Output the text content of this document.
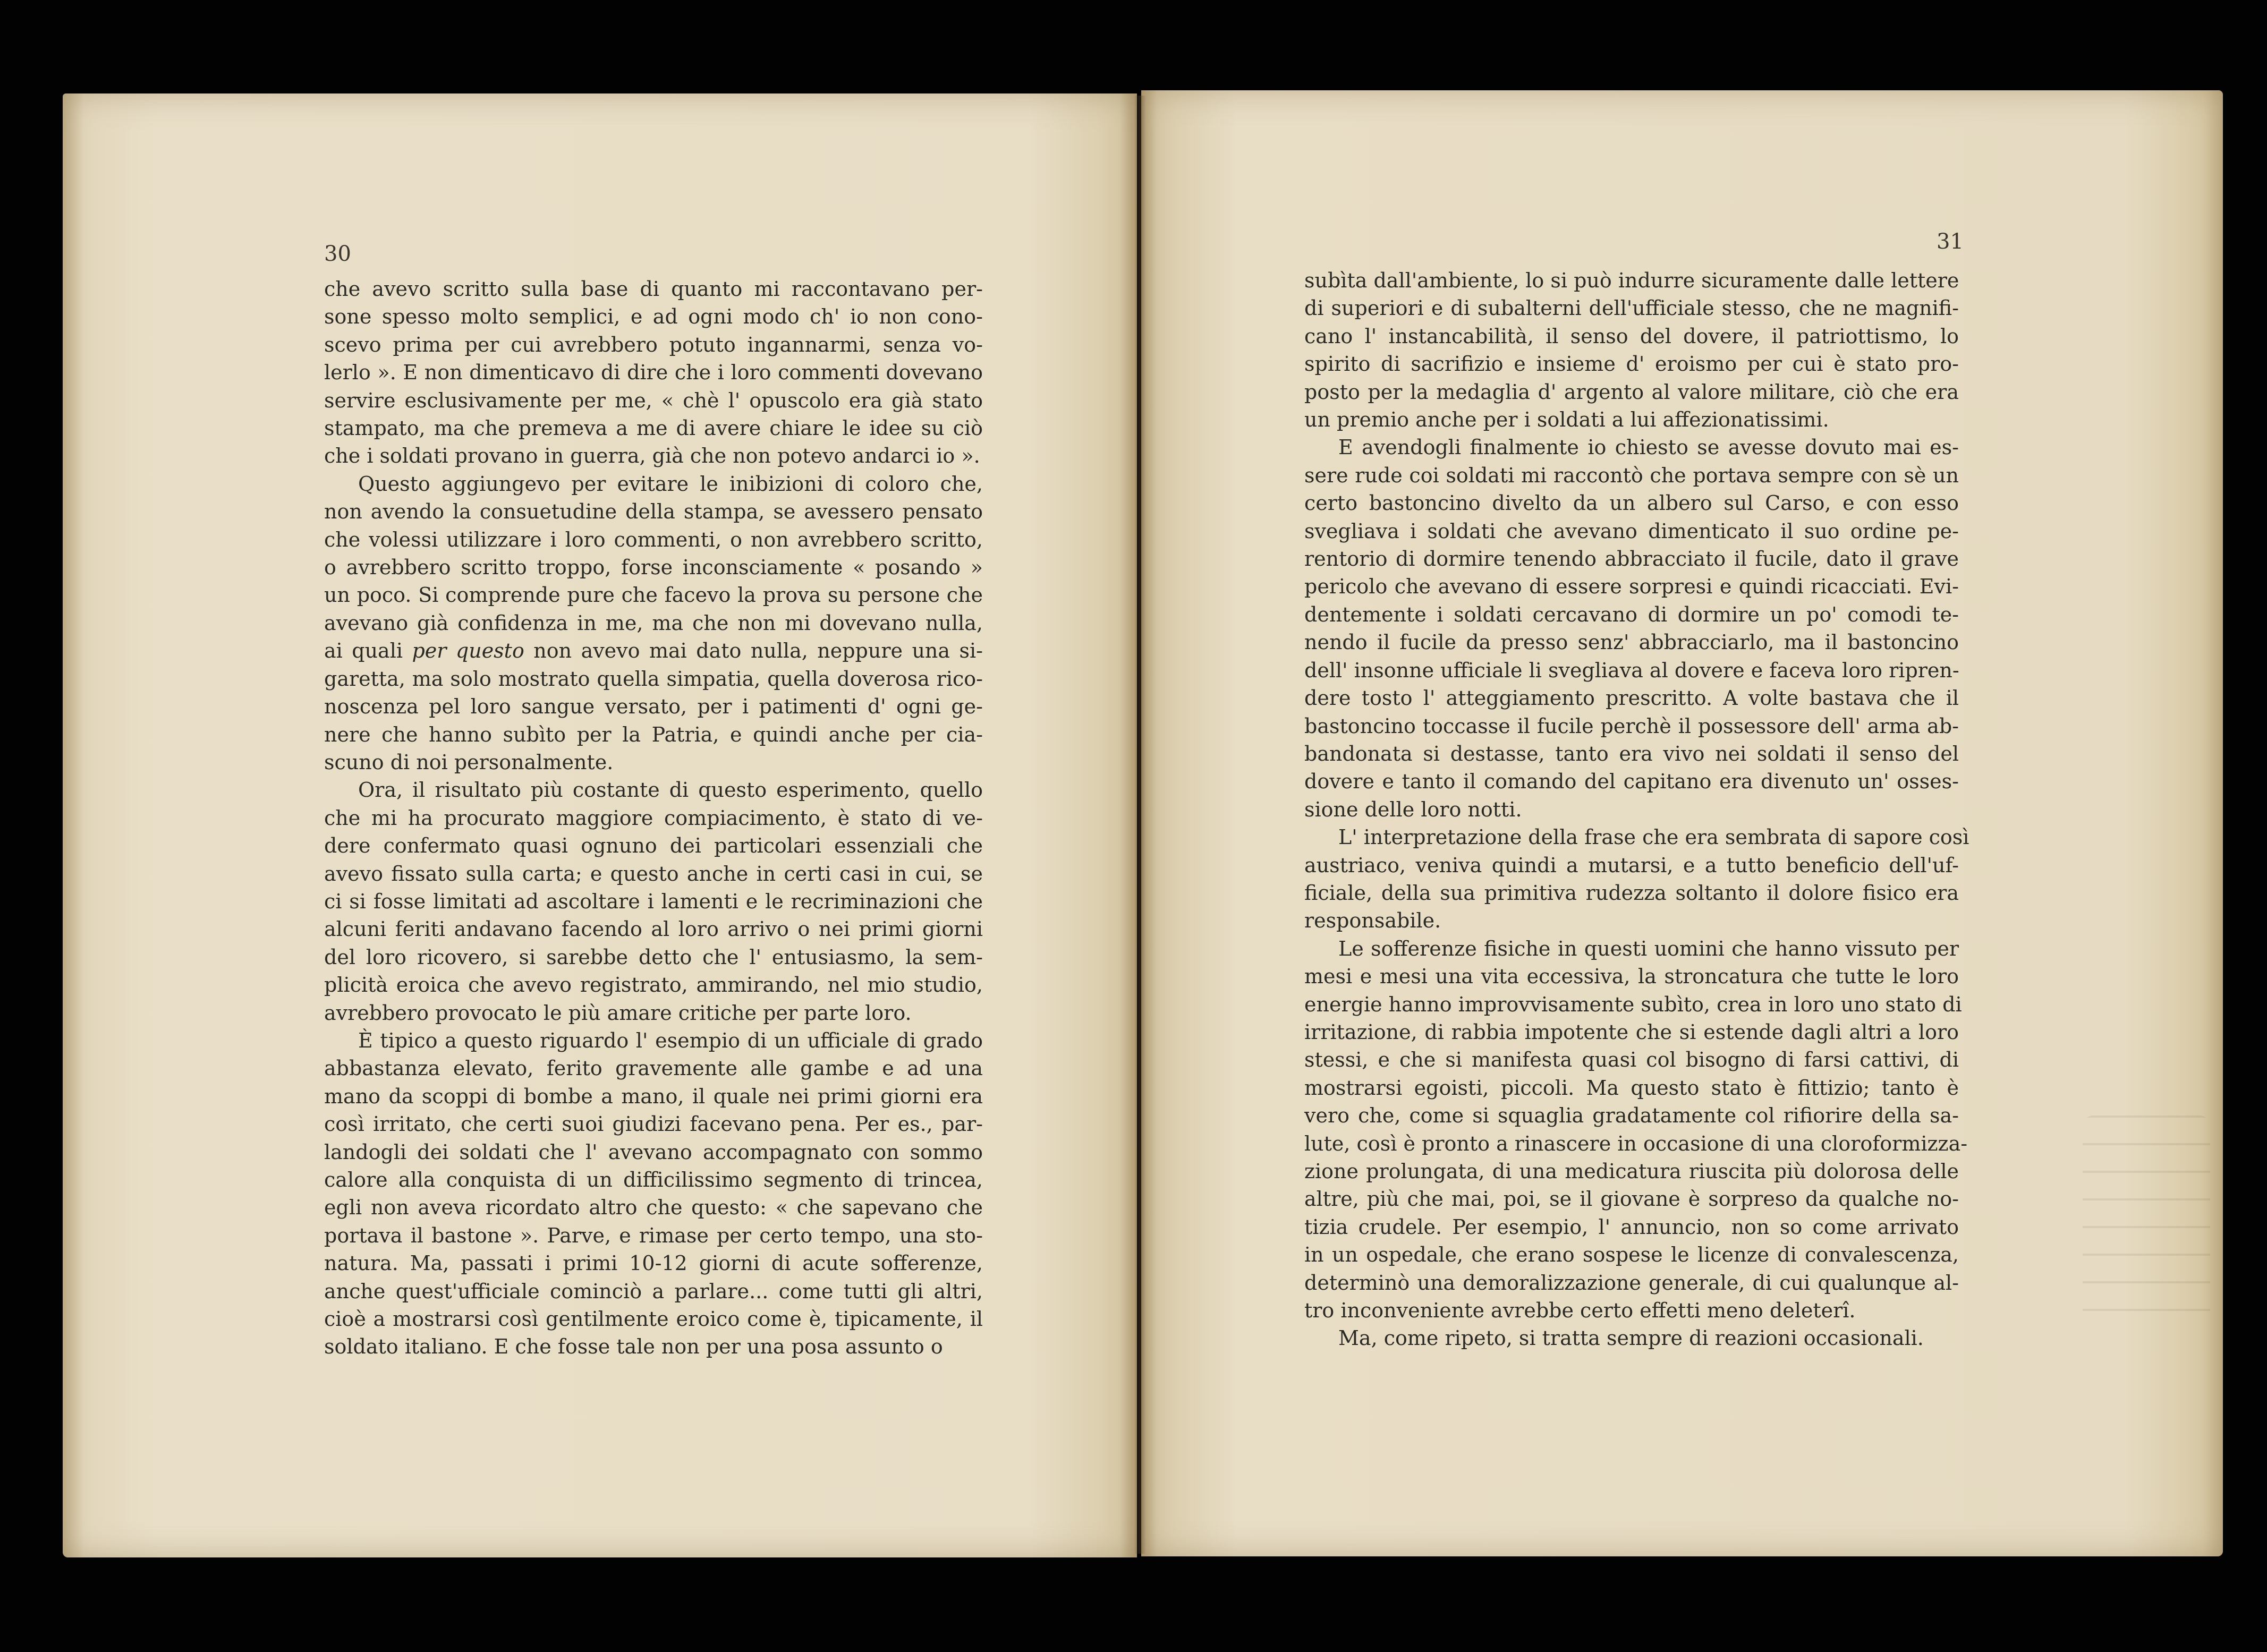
30	31
che avevo scritto sulla base di quanto mi raccontavano per-
sone spesso molto semplici, e ad ogni modo ch' io non cono-
scevo prima per cui avrebbero potuto ingannarmi, senza vo-
lerlo ». E non dimenticavo di dire che i loro commenti dovevano
servire esclusivamente per me, « chè l' opuscolo era già stato
stampato, ma che premeva a me di avere chiare le idee su ciò
che i soldati provano in guerra, già che non potevo andarci io ».
Questo aggiungevo per evitare le inibizioni di coloro che,
non avendo la consuetudine della stampa, se avessero pensato
che volessi utilizzare i loro commenti, o non avrebbero scritto,
o avrebbero scritto troppo, forse inconsciamente « posando »
un poco. Si comprende pure che facevo la prova su persone che
avevano già confidenza in me, ma che non mi dovevano nulla,
ai quali per questo non avevo mai dato nulla, neppure una si-
garetta, ma solo mostrato quella simpatia, quella doverosa rico-
noscenza pel loro sangue versato, per i patimenti d' ogni ge-
nere che hanno subìto per la Patria, e quindi anche per cia-
scuno di noi personalmente.
Ora, il risultato più costante di questo esperimento, quello
che mi ha procurato maggiore compiacimento, è stato di ve-
dere confermato quasi ognuno dei particolari essenziali che
avevo fissato sulla carta; e questo anche in certi casi in cui, se
ci si fosse limitati ad ascoltare i lamenti e le recriminazioni che
alcuni feriti andavano facendo al loro arrivo o nei primi giorni
del loro ricovero, si sarebbe detto che l' entusiasmo, la sem-
plicità eroica che avevo registrato, ammirando, nel mio studio,
avrebbero provocato le più amare critiche per parte loro.
È tipico a questo riguardo l' esempio di un ufficiale di grado
abbastanza elevato, ferito gravemente alle gambe e ad una
mano da scoppi di bombe a mano, il quale nei primi giorni era
così irritato, che certi suoi giudizi facevano pena. Per es., par-
landogli dei soldati che l' avevano accompagnato con sommo
calore alla conquista di un difficilissimo segmento di trincea,
egli non aveva ricordato altro che questo: « che sapevano che
portava il bastone ». Parve, e rimase per certo tempo, una sto-
natura. Ma, passati i primi 10-12 giorni di acute sofferenze,
anche quest'ufficiale cominciò a parlare... come tutti gli altri,
cioè a mostrarsi così gentilmente eroico come è, tipicamente, il
soldato italiano. E che fosse tale non per una posa assunto o
subìta dall'ambiente, lo si può indurre sicuramente dalle lettere
di superiori e di subalterni dell'ufficiale stesso, che ne magnifi-
cano l' instancabilità, il senso del dovere, il patriottismo, lo
spirito di sacrifizio e insieme d' eroismo per cui è stato pro-
posto per la medaglia d' argento al valore militare, ciò che era
un premio anche per i soldati a lui affezionatissimi.
E avendogli finalmente io chiesto se avesse dovuto mai es-
sere rude coi soldati mi raccontò che portava sempre con sè un
certo bastoncino divelto da un albero sul Carso, e con esso
svegliava i soldati che avevano dimenticato il suo ordine pe-
rentorio di dormire tenendo abbracciato il fucile, dato il grave
pericolo che avevano di essere sorpresi e quindi ricacciati. Evi-
dentemente i soldati cercavano di dormire un po' comodi te-
nendo il fucile da presso senz' abbracciarlo, ma il bastoncino
dell' insonne ufficiale li svegliava al dovere e faceva loro ripren-
dere tosto l' atteggiamento prescritto. A volte bastava che il
bastoncino toccasse il fucile perchè il possessore dell' arma ab-
bandonata si destasse, tanto era vivo nei soldati il senso del
dovere e tanto il comando del capitano era divenuto un' osses-
sione delle loro notti.
L' interpretazione della frase che era sembrata di sapore così
austriaco, veniva quindi a mutarsi, e a tutto beneficio dell'uf-
ficiale, della sua primitiva rudezza soltanto il dolore fisico era
responsabile.
Le sofferenze fisiche in questi uomini che hanno vissuto per
mesi e mesi una vita eccessiva, la stroncatura che tutte le loro
energie hanno improvvisamente subìto, crea in loro uno stato di
irritazione, di rabbia impotente che si estende dagli altri a loro
stessi, e che si manifesta quasi col bisogno di farsi cattivi, di
mostrarsi egoisti, piccoli. Ma questo stato è fittizio; tanto è
vero che, come si squaglia gradatamente col rifiorire della sa-
lute, così è pronto a rinascere in occasione di una cloroformizza-
zione prolungata, di una medicatura riuscita più dolorosa delle
altre, più che mai, poi, se il giovane è sorpreso da qualche no-
tizia crudele. Per esempio, l' annuncio, non so come arrivato
in un ospedale, che erano sospese le licenze di convalescenza,
determinò una demoralizzazione generale, di cui qualunque al-
tro inconveniente avrebbe certo effetti meno deleterî.
Ma, come ripeto, si tratta sempre di reazioni occasionali.
